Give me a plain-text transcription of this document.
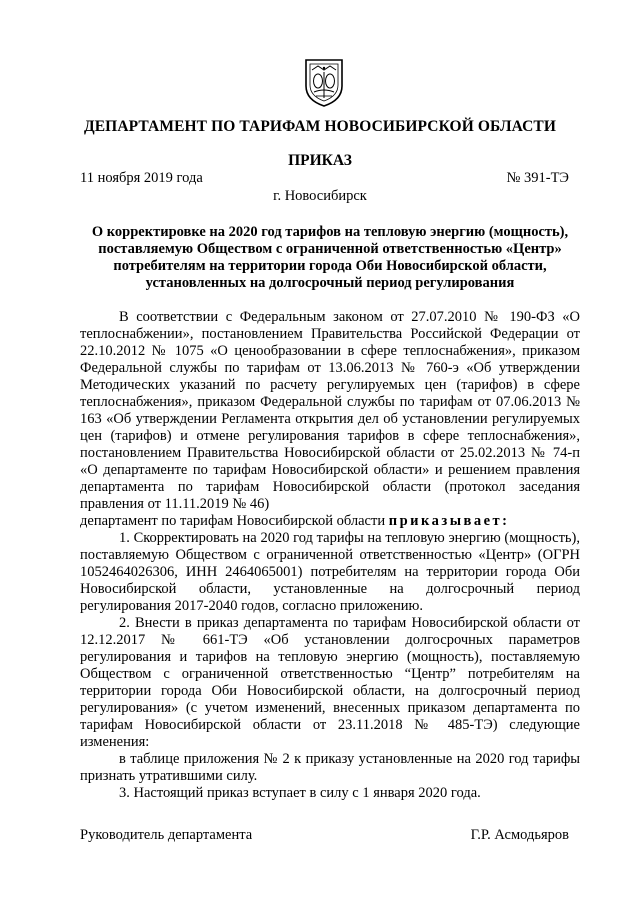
ДЕПАРТАМЕНТ ПО ТАРИФАМ НОВОСИБИРСКОЙ ОБЛАСТИ
ПРИКАЗ
11 ноября 2019 года	№ 391-ТЭ
г. Новосибирск
О корректировке на 2020 год тарифов на тепловую энергию (мощность), поставляемую Обществом с ограниченной ответственностью «Центр» потребителям на территории города Оби Новосибирской области, установленных на долгосрочный период регулирования

В соответствии с Федеральным законом от 27.07.2010 № 190-ФЗ «О теплоснабжении», постановлением Правительства Российской Федерации от 22.10.2012 № 1075 «О ценообразовании в сфере теплоснабжения», приказом Федеральной службы по тарифам от 13.06.2013 № 760-э «Об утверждении Методических указаний по расчету регулируемых цен (тарифов) в сфере теплоснабжения», приказом Федеральной службы по тарифам от 07.06.2013 № 163 «Об утверждении Регламента открытия дел об установлении регулируемых цен (тарифов) и отмене регулирования тарифов в сфере теплоснабжения», постановлением Правительства Новосибирской области от 25.02.2013 № 74-п «О департаменте по тарифам Новосибирской области» и решением правления департамента по тарифам Новосибирской области (протокол заседания правления от 11.11.2019 № 46)

департамент по тарифам Новосибирской области приказывает:

1. Скорректировать на 2020 год тарифы на тепловую энергию (мощность), поставляемую Обществом с ограниченной ответственностью «Центр» (ОГРН 1052464026306, ИНН 2464065001) потребителям на территории города Оби Новосибирской области, установленные на долгосрочный период регулирования 2017-2040 годов, согласно приложению.

2. Внести в приказ департамента по тарифам Новосибирской области от 12.12.2017 № 661-ТЭ «Об установлении долгосрочных параметров регулирования и тарифов на тепловую энергию (мощность), поставляемую Обществом с ограниченной ответственностью “Центр” потребителям на территории города Оби Новосибирской области, на долгосрочный период регулирования» (с учетом изменений, внесенных приказом департамента по тарифам Новосибирской области от 23.11.2018 № 485-ТЭ) следующие изменения:

в таблице приложения № 2 к приказу установленные на 2020 год тарифы признать утратившими силу.

3. Настоящий приказ вступает в силу с 1 января 2020 года.

Руководитель департамента	Г.Р. Асмодьяров
